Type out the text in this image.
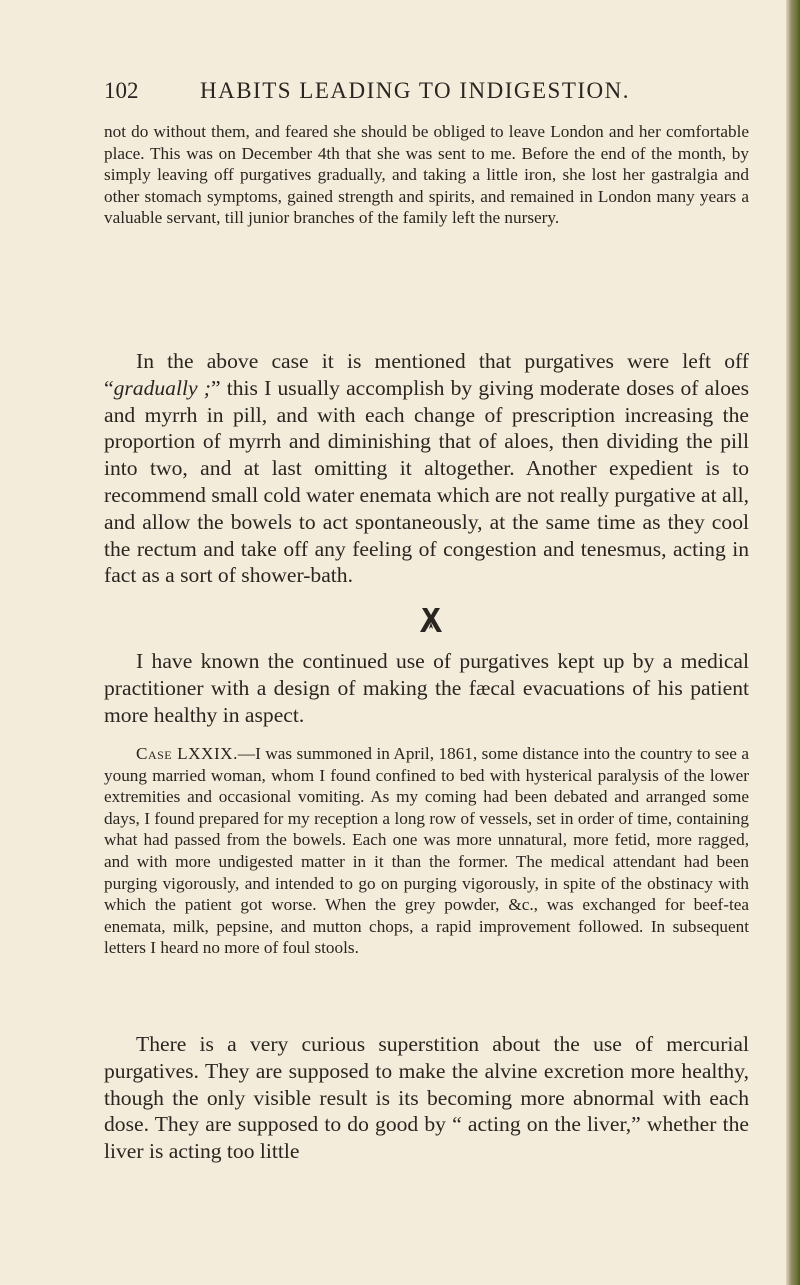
102	HABITS LEADING TO INDIGESTION.

not do without them, and feared she should be obliged to leave London and her comfortable place. This was on December 4th that she was sent to me. Before the end of the month, by simply leaving off purgatives gradually, and taking a little iron, she lost her gastralgia and other stomach symptoms, gained strength and spirits, and remained in London many years a valuable servant, till junior branches of the family left the nursery.

In the above case it is mentioned that purgatives were left off “gradually ;” this I usually accomplish by giving moderate doses of aloes and myrrh in pill, and with each change of prescription increasing the proportion of myrrh and diminishing that of aloes, then dividing the pill into two, and at last omitting it altogether. Another expedient is to recommend small cold water enemata which are not really purgative at all, and allow the bowels to act spontaneously, at the same time as they cool the rectum and take off any feeling of congestion and tenesmus, acting in fact as a sort of shower-bath.

I have known the continued use of purgatives kept up by a medical practitioner with a design of making the fæcal evacuations of his patient more healthy in aspect.

Case LXXIX.—I was summoned in April, 1861, some distance into the country to see a young married woman, whom I found confined to bed with hysterical paralysis of the lower extremities and occasional vomiting. As my coming had been debated and arranged some days, I found prepared for my reception a long row of vessels, set in order of time, containing what had passed from the bowels. Each one was more unnatural, more fetid, more ragged, and with more undigested matter in it than the former. The medical attendant had been purging vigorously, and intended to go on purging vigorously, in spite of the obstinacy with which the patient got worse. When the grey powder, &c., was exchanged for beef-tea enemata, milk, pepsine, and mutton chops, a rapid improvement followed. In subsequent letters I heard no more of foul stools.

There is a very curious superstition about the use of mercurial purgatives. They are supposed to make the alvine excretion more healthy, though the only visible result is its becoming more abnormal with each dose. They are supposed to do good by “ acting on the liver,” whether the liver is acting too little
